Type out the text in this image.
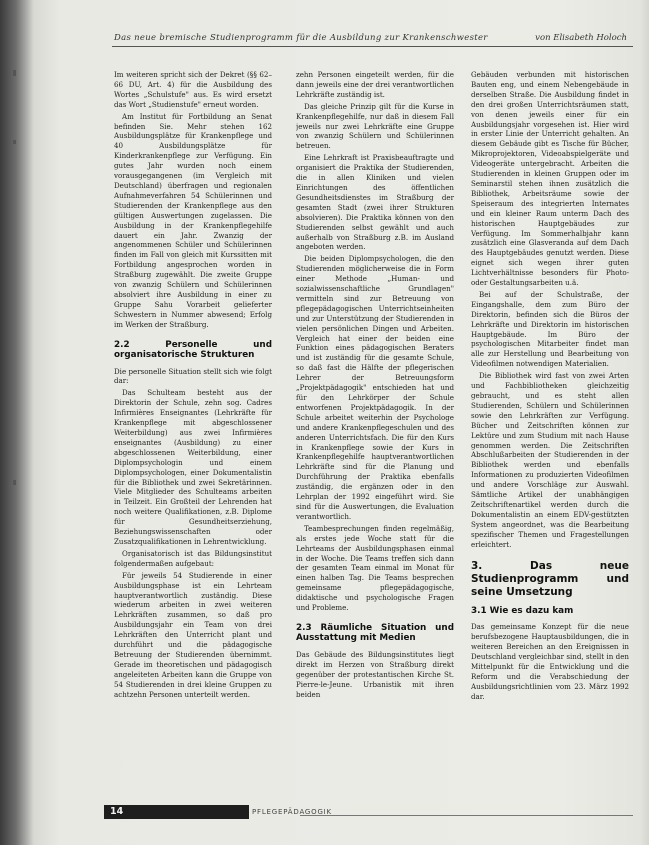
Das neue bremische Studienprogramm für die Ausbildung zur Krankenschwester	von Elisabeth Holoch

Im weiteren spricht sich der Dekret (§§ 62–66 DU, Art. 4) für die Ausbildung des Wortes „Schulstufe" aus. Es wird ersetzt das Wort „Studienstufe" erneut worden.

Am Institut für Fortbildung an Senat befinden Sie. Mehr stehen 162 Ausbildungsplätze für Krankenpflege und 40 Ausbildungsplätze für Kinderkrankenpflege zur Verfügung. Ein gutes Jahr wurden noch einem vorausgegangenen (im Vergleich mit Deutschland) überfragen und regionalen Aufnahmeverfahren 54 Schülerinnen und Studierenden der Krankenpflege aus den gültigen Auswertungen zugelassen. Die Ausbildung in der Krankenpflegehilfe dauert ein Jahr. Zwanzig der angenommenen Schüler und Schülerinnen finden im Fall von gleich mit Kurssitten mit Fortbildung angesprochen worden in Straßburg zugewählt. Die zweite Gruppe von zwanzig Schülern und Schülerinnen absolviert ihre Ausbildung in einer zu Gruppe Sahu Vorarbeit gelieferter Schwestern in Nummer abwesend; Erfolg im Werken der Straßburg.

2.2 Personelle und organisatorische Strukturen

Die personelle Situation stellt sich wie folgt dar:

Das Schulteam besteht aus der Direktorin der Schule, zehn sog. Cadres Infirmières Enseignantes (Lehrkräfte für Krankenpflege mit abgeschlossener Weiterbildung) aus zwei Infirmières enseignantes (Ausbildung) zu einer abgeschlossenen Weiterbildung, einer Diplompsychologin und einem Diplompsychologen, einer Dokumentalistin für die Bibliothek und zwei Sekretärinnen. Viele Mitglieder des Schulteams arbeiten in Teilzeit. Ein Großteil der Lehrenden hat noch weitere Qualifikationen, z.B. Diplome für Gesundheitserziehung, Beziehungswissenschaften oder Zusatzqualifikationen in Lehrentwicklung.

Organisatorisch ist das Bildungsinstitut folgendermaßen aufgebaut:

Für jeweils 54 Studierende in einer Ausbildungsphase ist ein Lehrteam hauptverantwortlich zuständig. Diese wiederum arbeiten in zwei weiteren Lehrkräften zusammen, so daß pro Ausbildungsjahr ein Team von drei Lehrkräften den Unterricht plant und durchführt und die pädagogische Betreuung der Studierenden übernimmt. Gerade im theoretischen und pädagogisch angeleiteten Arbeiten kann die Gruppe von 54 Studierenden in drei kleine Gruppen zu achtzehn Personen unterteilt werden.

zehn Personen eingeteilt werden, für die dann jeweils eine der drei verantwortlichen Lehrkräfte zuständig ist.

Das gleiche Prinzip gilt für die Kurse in Krankenpflegehilfe, nur daß in diesem Fall jeweils nur zwei Lehrkräfte eine Gruppe von zwanzig Schülern und Schülerinnen betreuen.

Eine Lehrkraft ist Praxisbeauftragte und organisiert die Praktika der Studierenden, die in allen Kliniken und vielen Einrichtungen des öffentlichen Gesundheitsdienstes im Straßburg der gesamten Stadt (zwei ihrer Strukturen absolvieren). Die Praktika können von den Studierenden selbst gewählt und auch außerhalb von Straßburg z.B. im Ausland angeboten werden.

Die beiden Diplompsychologen, die den Studierenden möglicherweise die in Form einer Methode „Human- und sozialwissenschaftliche Grundlagen" vermitteln sind zur Betreuung von pflegepädagogischen Unterrichtseinheiten und zur Unterstützung der Studierenden in vielen persönlichen Dingen und Arbeiten. Vergleich hat einer der beiden eine Funktion eines pädagogischen Beraters und ist zuständig für die gesamte Schule, so daß fast die Hälfte der pflegerischen Lehrer der Betreuungsform „Projektpädagogik" entschieden hat und für den Lehrkörper der Schule entworfenen Projektpädagogik. In der Schule arbeitet weiterhin der Psychologe und andere Krankenpflegeschulen und des anderen Unterrichtsfach. Die für den Kurs in Krankenpflege sowie der Kurs in Krankenpflegehilfe hauptverantwortlichen Lehrkräfte sind für die Planung und Durchführung der Praktika ebenfalls zuständig, die ergänzen oder in den Lehrplan der 1992 eingeführt wird. Sie sind für die Auswertungen, die Evaluation verantwortlich.

Teambesprechungen finden regelmäßig, als erstes jede Woche statt für die Lehrteams der Ausbildungsphasen einmal in der Woche. Die Teams treffen sich dann der gesamten Team einmal im Monat für einen halben Tag. Die Teams besprechen gemeinsame pflegepädagogische, didaktische und psychologische Fragen und Probleme.

2.3 Räumliche Situation und Ausstattung mit Medien

Das Gebäude des Bildungsinstitutes liegt direkt im Herzen von Straßburg direkt gegenüber der protestantischen Kirche St. Pierre-le-Jeune. Urbanistik mit ihren beiden

Gebäuden verbunden mit historischen Bauten eng, und einem Nebengebäude in derselben Straße. Die Ausbildung findet in den drei großen Unterrichtsräumen statt, von denen jeweils einer für ein Ausbildungsjahr vorgesehen ist. Hier wird in erster Linie der Unterricht gehalten. An diesem Gebäude gibt es Tische für Bücher, Mikroprojektoren, Videoabspielgeräte und Videogeräte untergebracht. Arbeiten die Studierenden in kleinen Gruppen oder im Seminarstil stehen ihnen zusätzlich die Bibliothek, Arbeitsräume sowie der Speiseraum des integrierten Internates und ein kleiner Raum unterm Dach des historischen Hauptgebäudes zur Verfügung. Im Sommerhalbjahr kann zusätzlich eine Glasveranda auf dem Dach des Hauptgebäudes genutzt werden. Diese eignet sich wegen ihrer guten Lichtverhältnisse besonders für Photo- oder Gestaltungsarbeiten u.ä.

Bei auf der Schulstraße, der Eingangshalle, dem zum Büro der Direktorin, befinden sich die Büros der Lehrkräfte und Direktorin im historischen Hauptgebäude. Im Büro der psychologischen Mitarbeiter findet man alle zur Herstellung und Bearbeitung von Videofilmen notwendigen Materialien.

Die Bibliothek wird fast von zwei Arten und Fachbibliotheken gleichzeitig gebraucht, und es steht allen Studierenden, Schülern und Schülerinnen sowie den Lehrkräften zur Verfügung. Bücher und Zeitschriften können zur Lektüre und zum Studium mit nach Hause genommen werden. Die Zeitschriften Abschlußarbeiten der Studierenden in der Bibliothek werden und ebenfalls Informationen zu produzierten Videofilmen und andere Vorschläge zur Auswahl. Sämtliche Artikel der unabhängigen Zeitschriftenartikel werden durch die Dokumentalistin an einem EDV-gestützten System angeordnet, was die Bearbeitung spezifischer Themen und Fragestellungen erleichtert.

3. Das neue Studienprogramm und seine Umsetzung
3.1 Wie es dazu kam

Das gemeinsame Konzept für die neue berufsbezogene Hauptausbildungen, die in weiteren Bereichen an den Ereignissen in Deutschland vergleichbar sind, stellt in den Mittelpunkt für die Entwicklung und die Reform und die Verabschiedung der Ausbildungsrichtlinien vom 23. März 1992 dar.

14	PFLEGEPÄDAGOGIK
